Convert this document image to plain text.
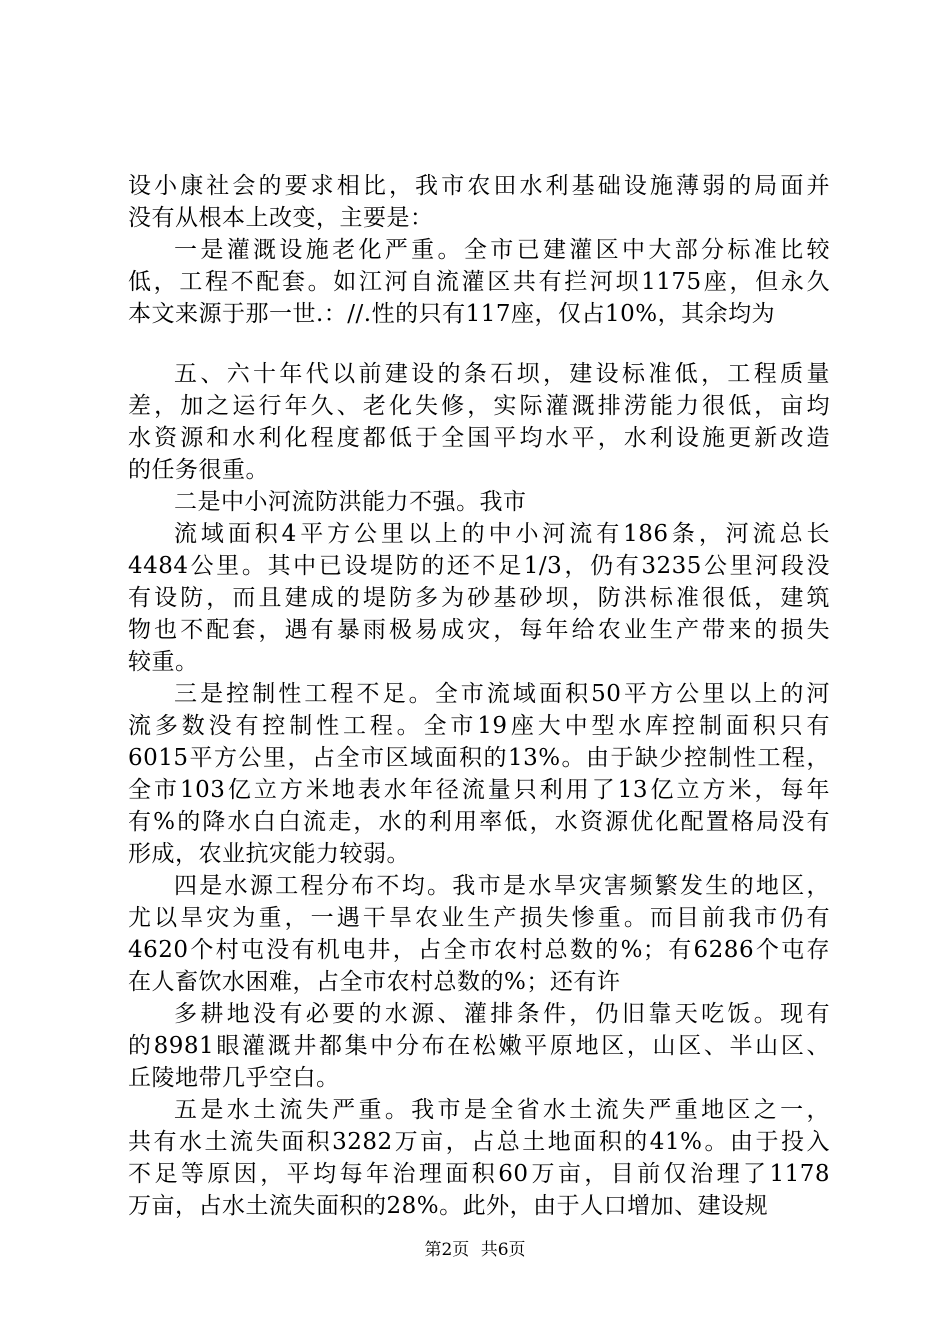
设小康社会的要求相比，我市农田水利基础设施薄弱的局面并
没有从根本上改变，主要是：
一是灌溉设施老化严重。全市已建灌区中大部分标准比较
低，工程不配套。如江河自流灌区共有拦河坝1175座，但永久
本文来源于那一世.：//.性的只有117座，仅占10%，其余均为
五、六十年代以前建设的条石坝，建设标准低，工程质量
差，加之运行年久、老化失修，实际灌溉排涝能力很低，亩均
水资源和水利化程度都低于全国平均水平，水利设施更新改造
的任务很重。
二是中小河流防洪能力不强。我市
流域面积4平方公里以上的中小河流有186条，河流总长
4484公里。其中已设堤防的还不足1/3，仍有3235公里河段没
有设防，而且建成的堤防多为砂基砂坝，防洪标准很低，建筑
物也不配套，遇有暴雨极易成灾，每年给农业生产带来的损失
较重。
三是控制性工程不足。全市流域面积50平方公里以上的河
流多数没有控制性工程。全市19座大中型水库控制面积只有
6015平方公里，占全市区域面积的13%。由于缺少控制性工程，
全市103亿立方米地表水年径流量只利用了13亿立方米，每年
有%的降水白白流走，水的利用率低，水资源优化配置格局没有
形成，农业抗灾能力较弱。
四是水源工程分布不均。我市是水旱灾害频繁发生的地区，
尤以旱灾为重，一遇干旱农业生产损失惨重。而目前我市仍有
4620个村屯没有机电井，占全市农村总数的%；有6286个屯存
在人畜饮水困难，占全市农村总数的%；还有许
多耕地没有必要的水源、灌排条件，仍旧靠天吃饭。现有
的8981眼灌溉井都集中分布在松嫩平原地区，山区、半山区、
丘陵地带几乎空白。
五是水土流失严重。我市是全省水土流失严重地区之一，
共有水土流失面积3282万亩，占总土地面积的41%。由于投入
不足等原因，平均每年治理面积60万亩，目前仅治理了1178
万亩，占水土流失面积的28%。此外，由于人口增加、建设规
第2页 共6页
